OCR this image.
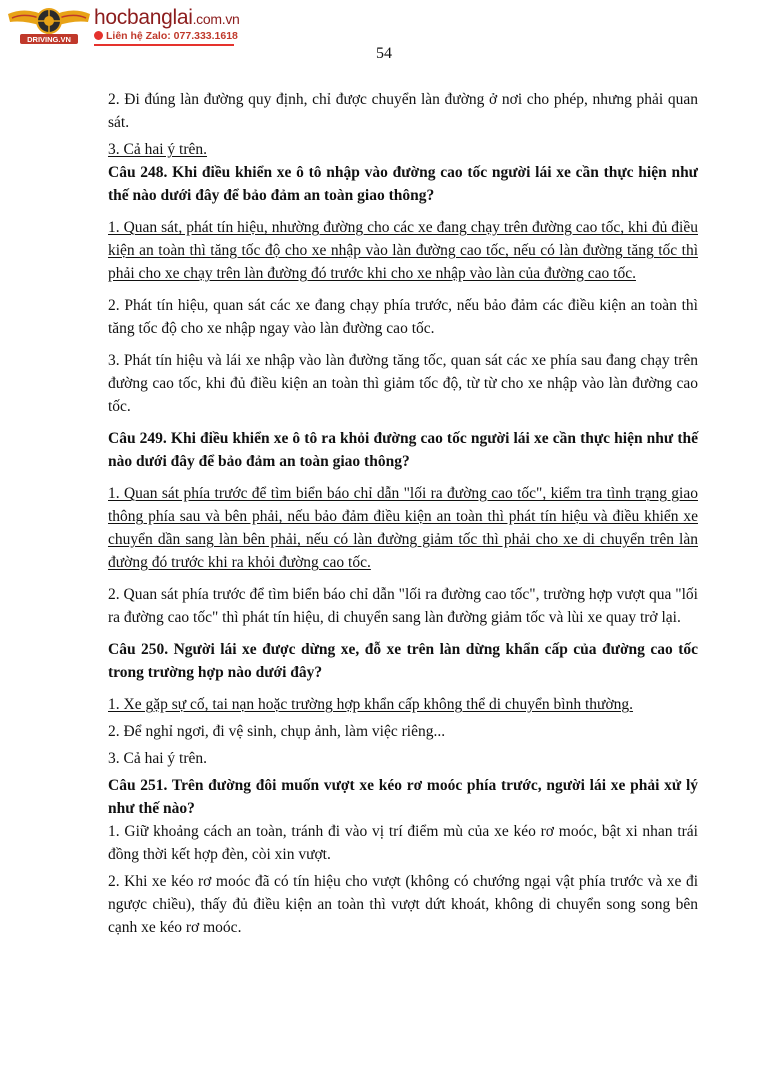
DRIVING.VN
hocbanglai.com.vn
Liên hệ Zalo: 077.333.1618
54

2. Đi đúng làn đường quy định, chỉ được chuyển làn đường ở nơi cho phép, nhưng phải quan sát.

3. Cả hai ý trên.

Câu 248. Khi điều khiển xe ô tô nhập vào đường cao tốc người lái xe cần thực hiện như thế nào dưới đây để bảo đảm an toàn giao thông?

1. Quan sát, phát tín hiệu, nhường đường cho các xe đang chạy trên đường cao tốc, khi đủ điều kiện an toàn thì tăng tốc độ cho xe nhập vào làn đường cao tốc, nếu có làn đường tăng tốc thì phải cho xe chạy trên làn đường đó trước khi cho xe nhập vào làn của đường cao tốc.

2. Phát tín hiệu, quan sát các xe đang chạy phía trước, nếu bảo đảm các điều kiện an toàn thì tăng tốc độ cho xe nhập ngay vào làn đường cao tốc.

3. Phát tín hiệu và lái xe nhập vào làn đường tăng tốc, quan sát các xe phía sau đang chạy trên đường cao tốc, khi đủ điều kiện an toàn thì giảm tốc độ, từ từ cho xe nhập vào làn đường cao tốc.

Câu 249. Khi điều khiển xe ô tô ra khỏi đường cao tốc người lái xe cần thực hiện như thế nào dưới đây để bảo đảm an toàn giao thông?

1. Quan sát phía trước để tìm biển báo chỉ dẫn "lối ra đường cao tốc", kiểm tra tình trạng giao thông phía sau và bên phải, nếu bảo đảm điều kiện an toàn thì phát tín hiệu và điều khiển xe chuyển dần sang làn bên phải, nếu có làn đường giảm tốc thì phải cho xe di chuyển trên làn đường đó trước khi ra khỏi đường cao tốc.

2. Quan sát phía trước để tìm biển báo chỉ dẫn "lối ra đường cao tốc", trường hợp vượt qua "lối ra đường cao tốc" thì phát tín hiệu, di chuyển sang làn đường giảm tốc và lùi xe quay trở lại.

Câu 250. Người lái xe được dừng xe, đỗ xe trên làn dừng khẩn cấp của đường cao tốc trong trường hợp nào dưới đây?

1. Xe gặp sự cố, tai nạn hoặc trường hợp khẩn cấp không thể di chuyển bình thường.

2. Để nghỉ ngơi, đi vệ sinh, chụp ảnh, làm việc riêng...

3. Cả hai ý trên.

Câu 251. Trên đường đôi muốn vượt xe kéo rơ moóc phía trước, người lái xe phải xử lý như thế nào?

1. Giữ khoảng cách an toàn, tránh đi vào vị trí điểm mù của xe kéo rơ moóc, bật xi nhan trái đồng thời kết hợp đèn, còi xin vượt.

2. Khi xe kéo rơ moóc đã có tín hiệu cho vượt (không có chướng ngại vật phía trước và xe đi ngược chiều), thấy đủ điều kiện an toàn thì vượt dứt khoát, không di chuyển song song bên cạnh xe kéo rơ moóc.
